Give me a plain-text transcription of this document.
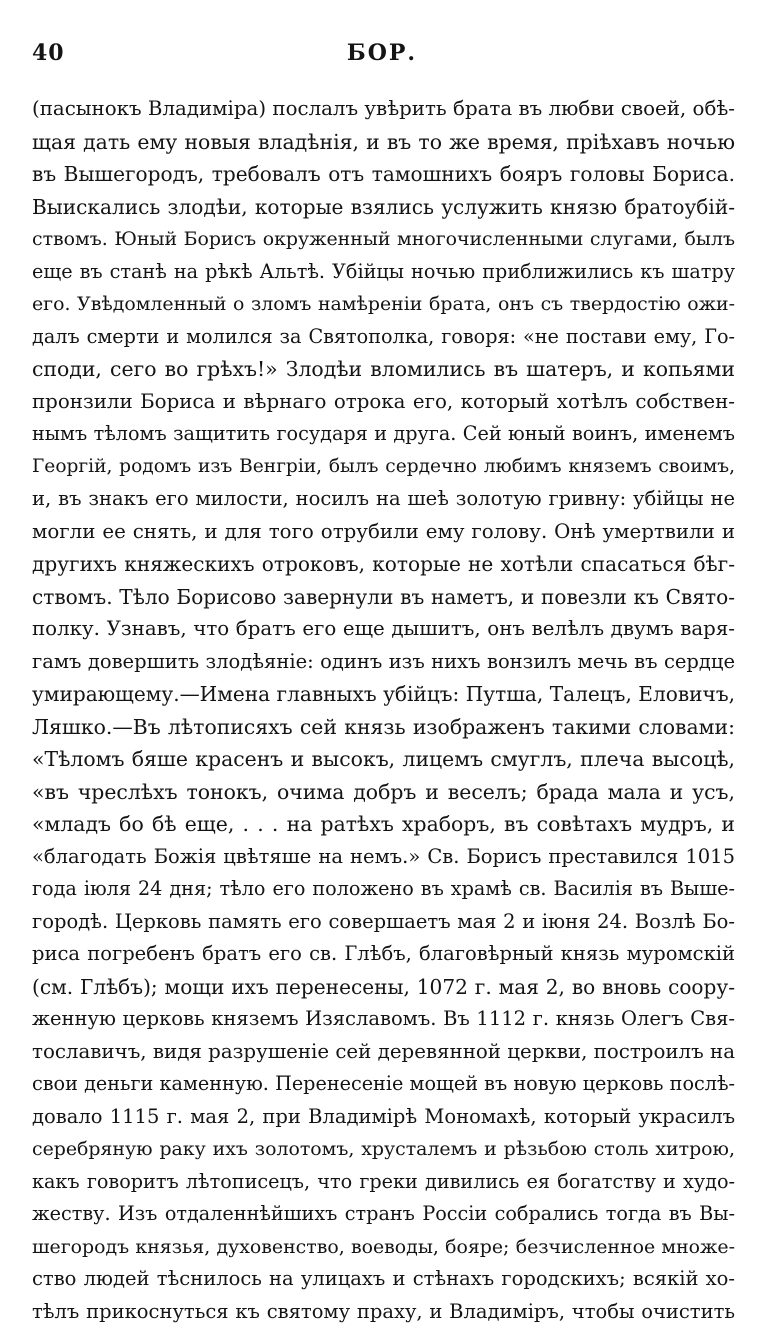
40	БОР.
(пасынокъ Владиміра) послалъ увѣрить брата въ любви своей, обѣ-
щая дать ему новыя владѣнія, и въ то же время, пріѣхавъ ночью
въ Вышегородъ, требовалъ отъ тамошнихъ бояръ головы Бориса.
Выискались злодѣи, которые взялись услужить князю братоубій-
ствомъ. Юный Борисъ окруженный многочисленными слугами, былъ
еще въ станѣ на рѣкѣ Альтѣ. Убійцы ночью приближились къ шатру
его. Увѣдомленный о зломъ намѣреніи брата, онъ съ твердостію ожи-
далъ смерти и молился за Святополка, говоря: «не постави ему, Го-
споди, сего во грѣхъ!» Злодѣи вломились въ шатеръ, и копьями
пронзили Бориса и вѣрнаго отрока его, который хотѣлъ собствен-
нымъ тѣломъ защитить государя и друга. Сей юный воинъ, именемъ
Георгій, родомъ изъ Венгріи, былъ сердечно любимъ княземъ своимъ,
и, въ знакъ его милости, носилъ на шеѣ золотую гривну: убійцы не
могли ее снять, и для того отрубили ему голову. Онѣ умертвили и
другихъ княжескихъ отроковъ, которые не хотѣли спасаться бѣг-
ствомъ. Тѣло Борисово завернули въ наметъ, и повезли къ Свято-
полку. Узнавъ, что братъ его еще дышитъ, онъ велѣлъ двумъ варя-
гамъ довершить злодѣяніе: одинъ изъ нихъ вонзилъ мечь въ сердце
умирающему.—Имена главныхъ убійцъ: Путша, Талецъ, Еловичъ,
Ляшко.—Въ лѣтописяхъ сей князь изображенъ такими словами:
«Тѣломъ бяше красенъ и высокъ, лицемъ смуглъ, плеча высоцѣ,
«въ чреслѣхъ тонокъ, очима добръ и веселъ; брада мала и усъ,
«младъ бо бѣ еще, . . . на ратѣхъ храборъ, въ совѣтахъ мудръ, и
«благодать Божія цвѣтяше на немъ.» Св. Борисъ преставился 1015
года іюля 24 дня; тѣло его положено въ храмѣ св. Василія въ Выше-
городѣ. Церковь память его совершаетъ мая 2 и іюня 24. Возлѣ Бо-
риса погребенъ братъ его св. Глѣбъ, благовѣрный князь муромскій
(см. Глѣбъ); мощи ихъ перенесены, 1072 г. мая 2, во вновь соору-
женную церковь княземъ Изяславомъ. Въ 1112 г. князь Олегъ Свя-
тославичъ, видя разрушеніе сей деревянной церкви, построилъ на
свои деньги каменную. Перенесеніе мощей въ новую церковь послѣ-
довало 1115 г. мая 2, при Владимірѣ Мономахѣ, который украсилъ
серебряную раку ихъ золотомъ, хрусталемъ и рѣзьбою столь хитрою,
какъ говоритъ лѣтописецъ, что греки дивились ея богатству и худо-
жеству. Изъ отдаленнѣйшихъ странъ Россіи собрались тогда въ Вы-
шегородъ князья, духовенство, воеводы, бояре; безчисленное множе-
ство людей тѣснилось на улицахъ и стѣнахъ городскихъ; всякій хо-
тѣлъ прикоснуться къ святому праху, и Владиміръ, чтобы очистить
